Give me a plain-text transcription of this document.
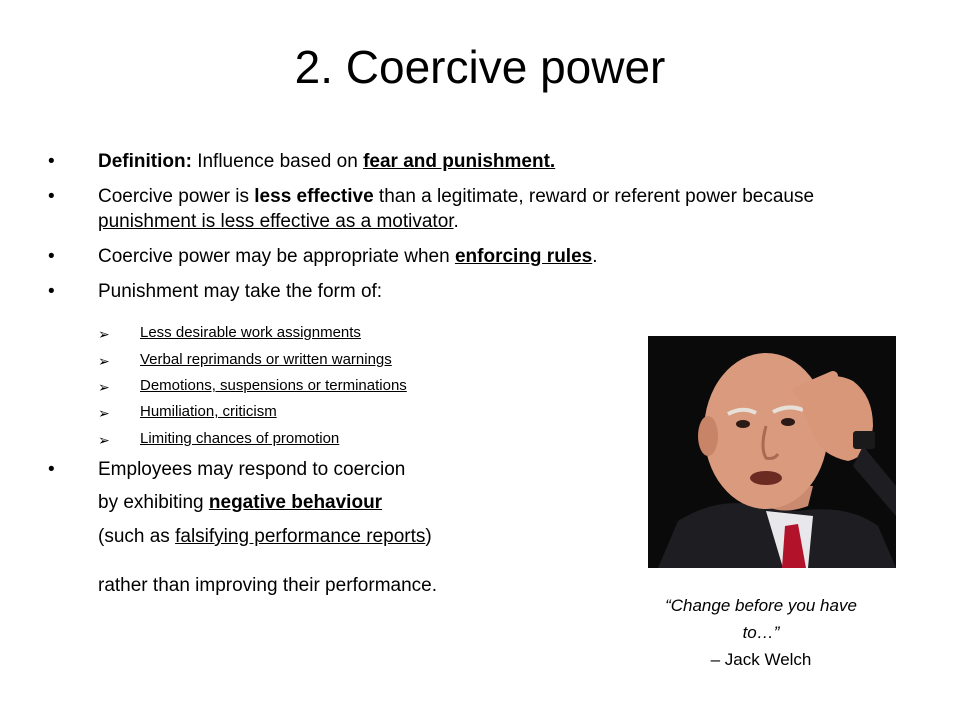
2. Coercive power
• Definition: Influence based on fear and punishment.
• Coercive power is less effective than a legitimate, reward or referent power because punishment is less effective as a motivator.
• Coercive power may be appropriate when enforcing rules.
• Punishment may take the form of:
➢ Less desirable work assignments
➢ Verbal reprimands or written warnings
➢ Demotions, suspensions or terminations
➢ Humiliation, criticism
➢ Limiting chances of promotion
• Employees may respond to coercion
by exhibiting negative behaviour
(such as falsifying performance reports)
rather than improving their performance.
“Change before you have
to…”
– Jack Welch
